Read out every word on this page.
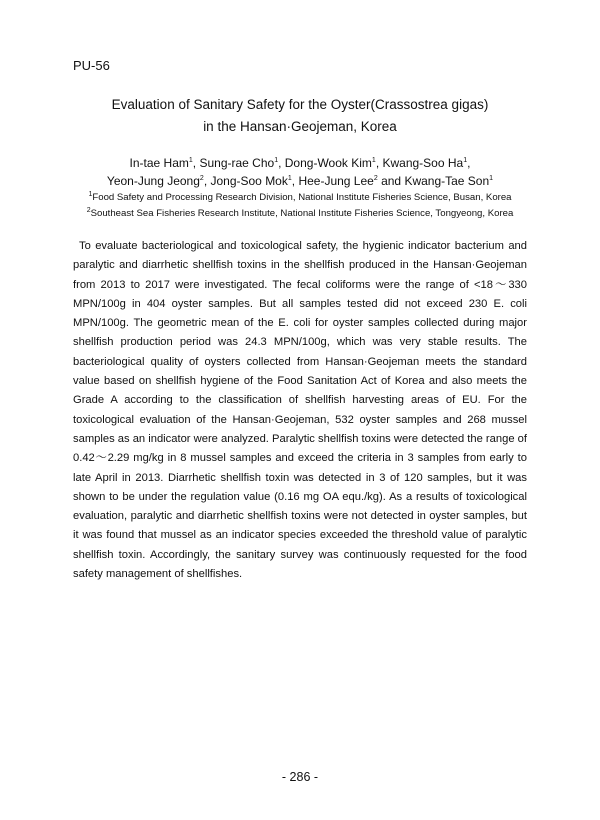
PU-56
Evaluation of Sanitary Safety for the Oyster(Crassostrea gigas)
in the Hansan·Geojeman, Korea
In-tae Ham$^1$, Sung-rae Cho$^1$, Dong-Wook Kim$^1$, Kwang-Soo Ha$^1$,
Yeon-Jung Jeong$^2$, Jong-Soo Mok$^1$, Hee-Jung Lee$^2$ and Kwang-Tae Son$^1$
$^1$Food Safety and Processing Research Division, National Institute Fisheries Science, Busan, Korea
$^2$Southeast Sea Fisheries Research Institute, National Institute Fisheries Science, Tongyeong, Korea

To evaluate bacteriological and toxicological safety, the hygienic indicator bacterium and paralytic and diarrhetic shellfish toxins in the shellfish produced in the Hansan·Geojeman from 2013 to 2017 were investigated. The fecal coliforms were the range of <18～330 MPN/100g in 404 oyster samples. But all samples tested did not exceed 230 E. coli MPN/100g. The geometric mean of the E. coli for oyster samples collected during major shellfish production period was 24.3 MPN/100g, which was very stable results. The bacteriological quality of oysters collected from Hansan·Geojeman meets the standard value based on shellfish hygiene of the Food Sanitation Act of Korea and also meets the Grade A according to the classification of shellfish harvesting areas of EU. For the toxicological evaluation of the Hansan·Geojeman, 532 oyster samples and 268 mussel samples as an indicator were analyzed. Paralytic shellfish toxins were detected the range of 0.42～2.29 mg/kg in 8 mussel samples and exceed the criteria in 3 samples from early to late April in 2013. Diarrhetic shellfish toxin was detected in 3 of 120 samples, but it was shown to be under the regulation value (0.16 mg OA equ./kg). As a results of toxicological evaluation, paralytic and diarrhetic shellfish toxins were not detected in oyster samples, but it was found that mussel as an indicator species exceeded the threshold value of paralytic shellfish toxin. Accordingly, the sanitary survey was continuously requested for the food safety management of shellfishes.

- 286 -
